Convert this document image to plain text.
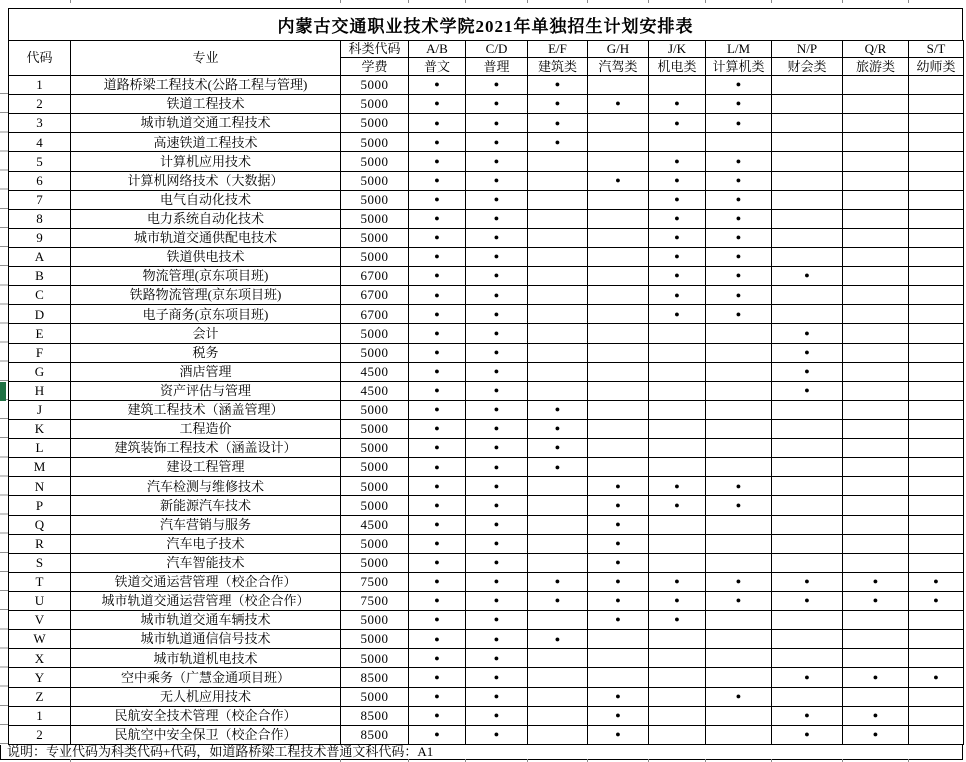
内蒙古交通职业技术学院2021年单独招生计划安排表
代码	专业	科类代码	A/B	C/D	E/F	G/H	J/K	L/M	N/P	Q/R	S/T
		学费	普文	普理	建筑类	汽驾类	机电类	计算机类	财会类	旅游类	幼师类
1	道路桥梁工程技术(公路工程与管理)	5000	●	●	●			●			
2	铁道工程技术	5000	●	●	●	●	●	●			
3	城市轨道交通工程技术	5000	●	●	●		●	●			
4	高速铁道工程技术	5000	●	●	●						
5	计算机应用技术	5000	●	●			●	●			
6	计算机网络技术（大数据）	5000	●	●		●	●	●			
7	电气自动化技术	5000	●	●			●	●			
8	电力系统自动化技术	5000	●	●			●	●			
9	城市轨道交通供配电技术	5000	●	●			●	●			
A	铁道供电技术	5000	●	●			●	●			
B	物流管理(京东项目班)	6700	●	●			●	●	●		
C	铁路物流管理(京东项目班)	6700	●	●			●	●			
D	电子商务(京东项目班)	6700	●	●			●	●			
E	会计	5000	●	●					●		
F	税务	5000	●	●					●		
G	酒店管理	4500	●	●					●		
H	资产评估与管理	4500	●	●					●		
J	建筑工程技术（涵盖管理）	5000	●	●	●						
K	工程造价	5000	●	●	●						
L	建筑装饰工程技术（涵盖设计）	5000	●	●	●						
M	建设工程管理	5000	●	●	●						
N	汽车检测与维修技术	5000	●	●		●	●	●			
P	新能源汽车技术	5000	●	●		●	●	●			
Q	汽车营销与服务	4500	●	●		●					
R	汽车电子技术	5000	●	●		●					
S	汽车智能技术	5000	●	●		●					
T	铁道交通运营管理（校企合作）	7500	●	●	●	●	●	●	●	●	●
U	城市轨道交通运营管理（校企合作）	7500	●	●	●	●	●	●	●	●	●
V	城市轨道交通车辆技术	5000	●	●		●	●				
W	城市轨道通信信号技术	5000	●	●	●						
X	城市轨道机电技术	5000	●	●							
Y	空中乘务（广慧金通项目班）	8500	●	●					●	●	●
Z	无人机应用技术	5000	●	●		●		●			
1	民航安全技术管理（校企合作）	8500	●	●		●			●	●	
2	民航空中安全保卫（校企合作）	8500	●	●		●			●	●	
说明：专业代码为科类代码+代码，如道路桥梁工程技术普通文科代码：A1
